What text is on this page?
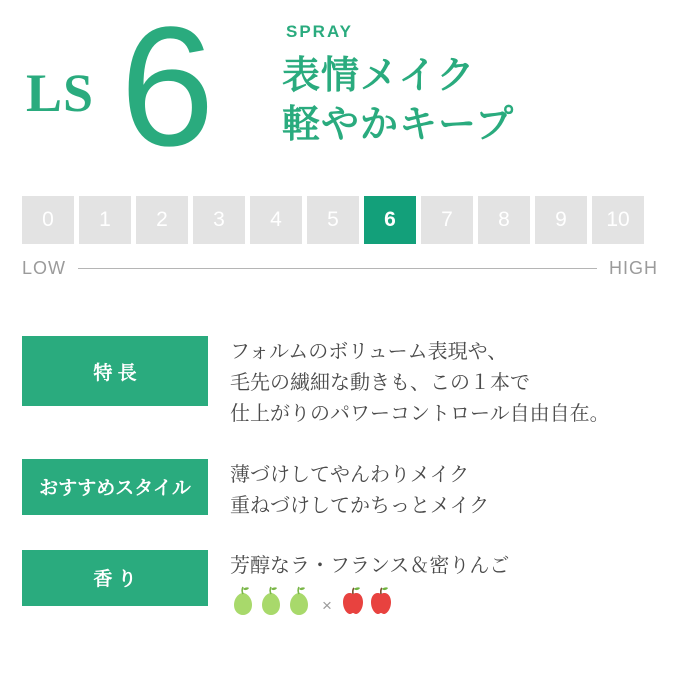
LS 6	SPRAY
表情メイク
軽やかキープ
0	1	2	3	4	5	6	7	8	9	10
LOW	HIGH
特 長
フォルムのボリューム表現や、
毛先の繊細な動きも、この１本で
仕上がりのパワーコントロール自由自在。
おすすめスタイル
薄づけしてやんわりメイク
重ねづけしてかちっとメイク
香 り
芳醇なラ・フランス＆密りんご
×
